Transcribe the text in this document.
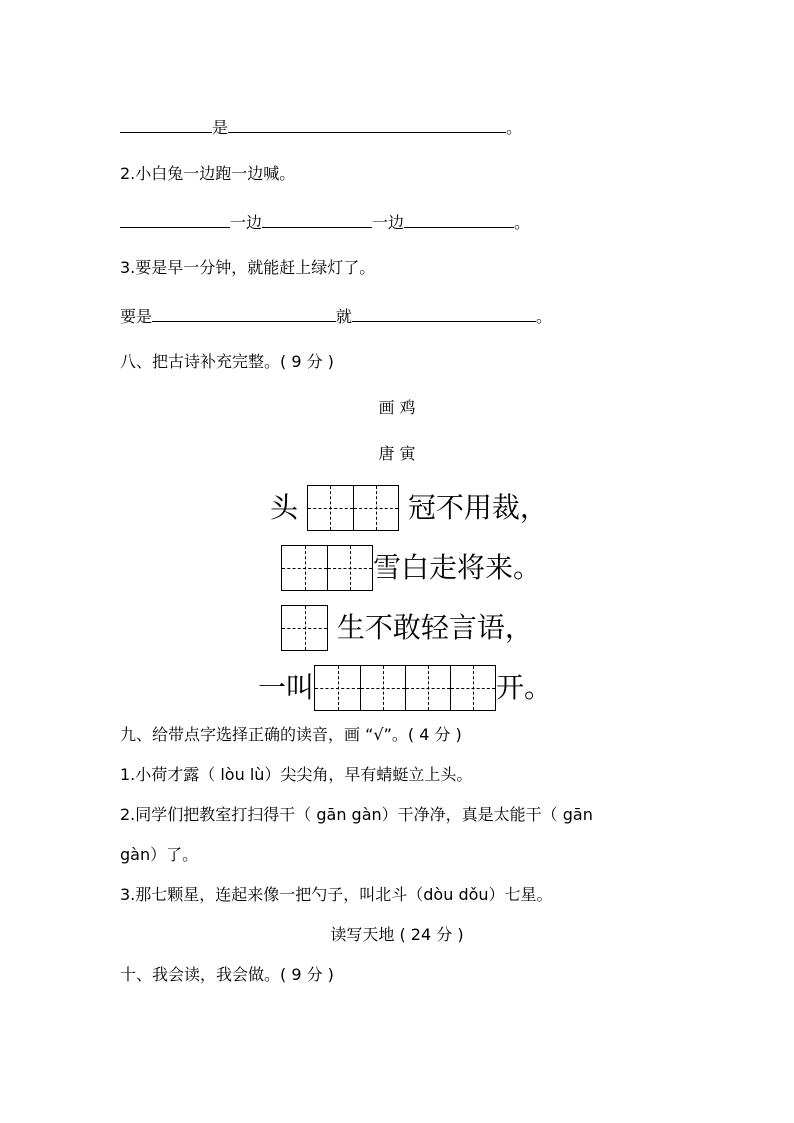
是	。
2.小白兔一边跑一边喊。
一边	一边	。
3.要是早一分钟，就能赶上绿灯了。
要是	就	。
八、把古诗补充完整。( 9 分 )
画 鸡
唐 寅
头	冠不用裁，
雪白走将来。
生不敢轻言语，
一叫	开。
九、给带点字选择正确的读音，画 “√”。( 4 分 )
1.小荷才露（ lòu lù）尖尖角，早有蜻蜓立上头。
2.同学们把教室打扫得干（ gān gàn）干净净，真是太能干（ gān
gàn）了。
3.那七颗星，连起来像一把勺子，叫北斗（dòu dǒu）七星。
读写天地 ( 24 分 )
十、我会读，我会做。( 9 分 )
